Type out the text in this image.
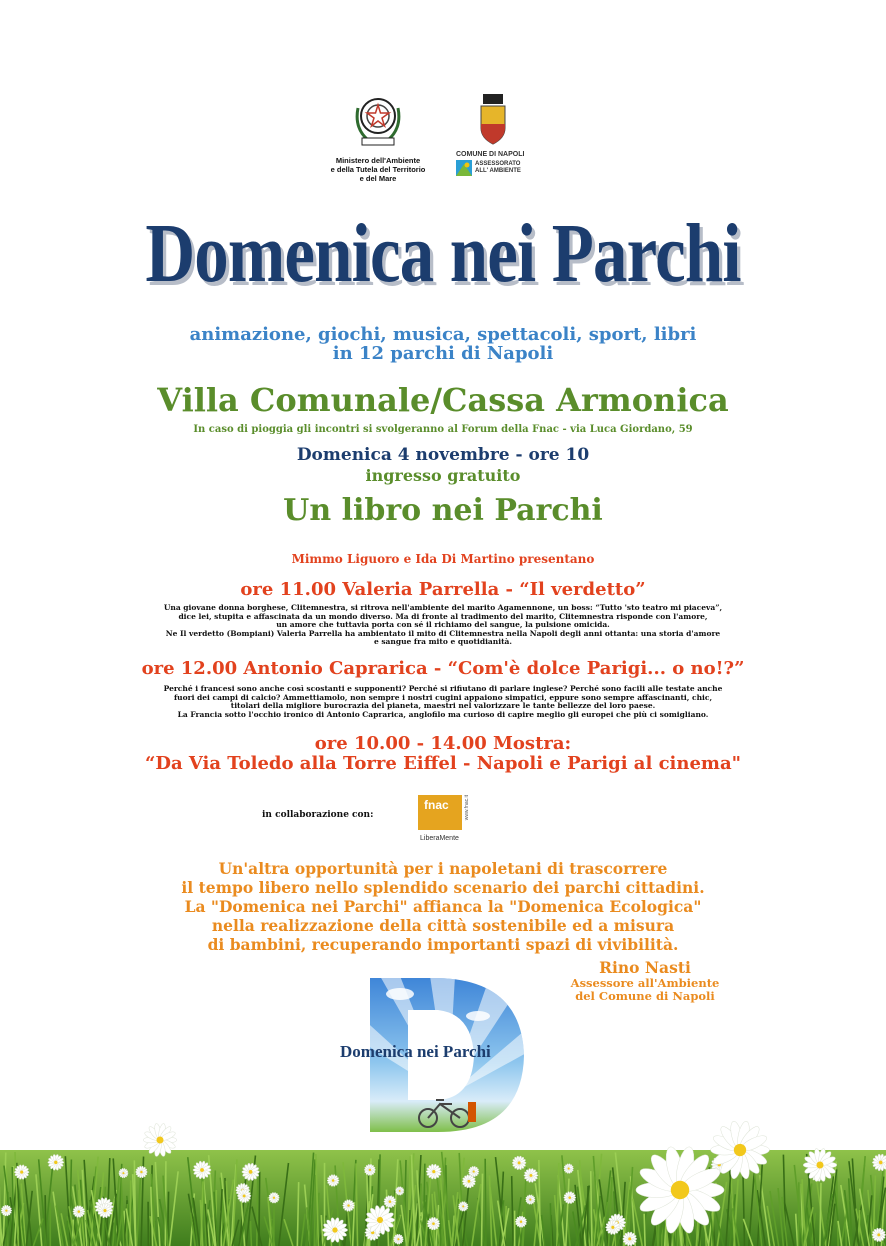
Ministero dell'Ambiente
e della Tutela del Territorio
e del Mare
COMUNE DI NAPOLI
ASSESSORATO
ALL' AMBIENTE
Domenica nei Parchi
animazione, giochi, musica, spettacoli, sport, libri
in 12 parchi di Napoli
Villa Comunale/Cassa Armonica
In caso di pioggia gli incontri si svolgeranno al Forum della Fnac - via Luca Giordano, 59
Domenica 4 novembre - ore 10
ingresso gratuito
Un libro nei Parchi
Mimmo Liguoro e Ida Di Martino presentano
ore 11.00 Valeria Parrella - “Il verdetto”
Una giovane donna borghese, Clitemnestra, si ritrova nell'ambiente del marito Agamennone, un boss: “Tutto 'sto teatro mi piaceva”,
dice lei, stupita e affascinata da un mondo diverso. Ma di fronte al tradimento del marito, Clitemnestra risponde con l'amore,
un amore che tuttavia porta con sé il richiamo del sangue, la pulsione omicida.
Ne Il verdetto (Bompiani) Valeria Parrella ha ambientato il mito di Clitemnestra nella Napoli degli anni ottanta: una storia d'amore
e sangue fra mito e quotidianità.
ore 12.00 Antonio Caprarica - “Com'è dolce Parigi... o no!?”
Perché i francesi sono anche così scostanti e supponenti? Perché si rifiutano di parlare inglese? Perché sono facili alle testate anche
fuori dei campi di calcio? Ammettiamolo, non sempre i nostri cugini appaiono simpatici, eppure sono sempre affascinanti, chic,
titolari della migliore burocrazia del pianeta, maestri nel valorizzare le tante bellezze del loro paese.
La Francia sotto l'occhio ironico di Antonio Caprarica, anglofilo ma curioso di capire meglio gli europei che più ci somigliano.
ore 10.00 - 14.00 Mostra:
“Da Via Toledo alla Torre Eiffel - Napoli e Parigi al cinema"
in collaborazione con:
fnac	www.fnac.it
LiberaMente
Un'altra opportunità per i napoletani di trascorrere
il tempo libero nello splendido scenario dei parchi cittadini.
La "Domenica nei Parchi" affianca la "Domenica Ecologica"
nella realizzazione della città sostenibile ed a misura
di bambini, recuperando importanti spazi di vivibilità.
Rino Nasti
Assessore all'Ambiente
del Comune di Napoli
Domenica nei Parchi
